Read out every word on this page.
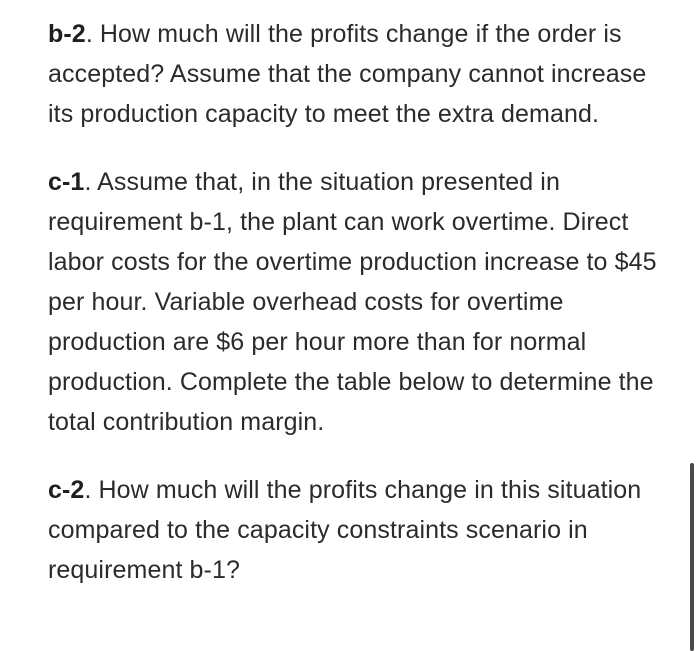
b-2. How much will the profits change if the order is accepted? Assume that the company cannot increase its production capacity to meet the extra demand.

c-1. Assume that, in the situation presented in requirement b-1, the plant can work overtime. Direct labor costs for the overtime production increase to $45 per hour. Variable overhead costs for overtime production are $6 per hour more than for normal production. Complete the table below to determine the total contribution margin.

c-2. How much will the profits change in this situation compared to the capacity constraints scenario in requirement b-1?
